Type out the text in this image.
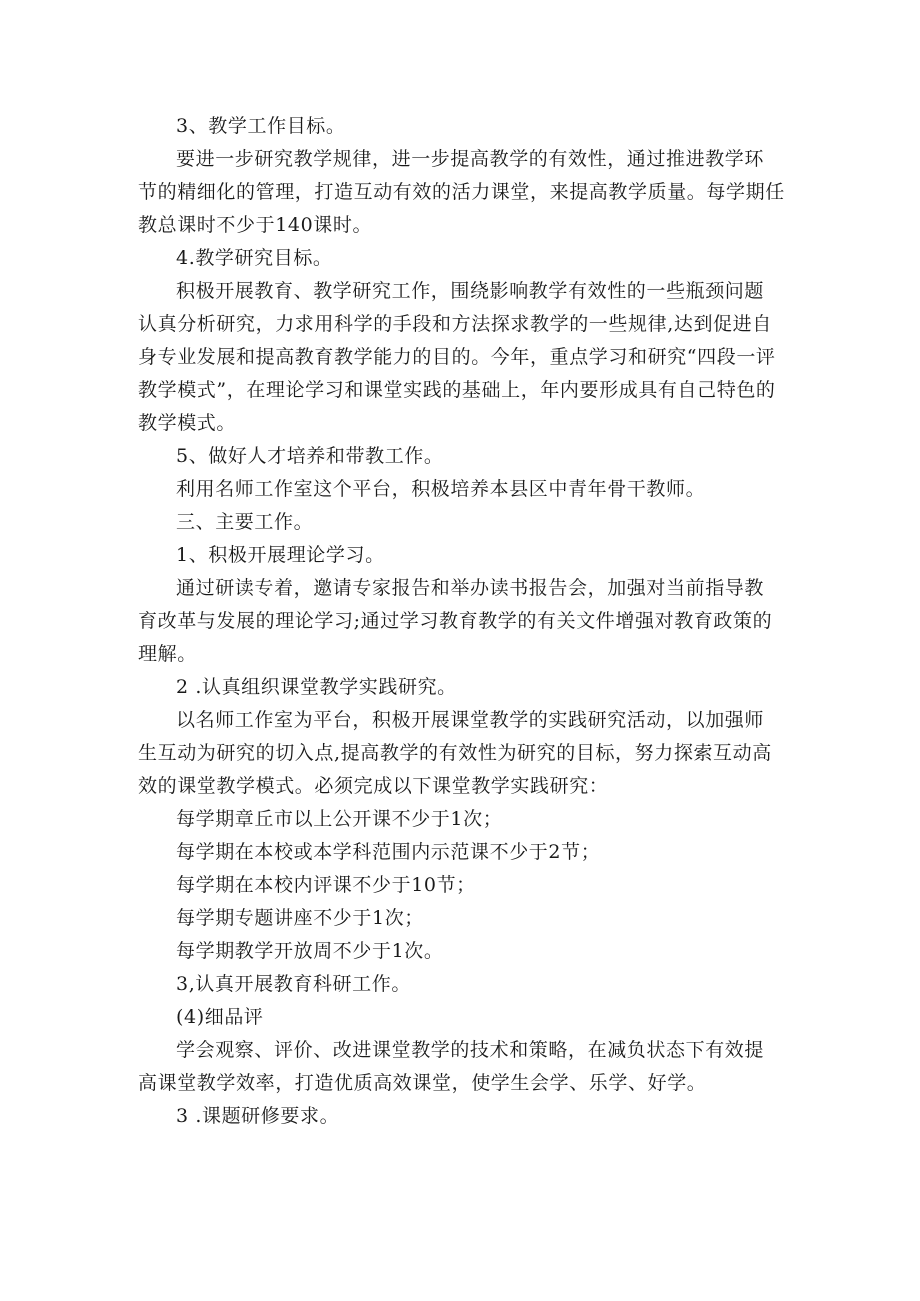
3、教学工作目标。
要进一步研究教学规律，进一步提高教学的有效性，通过推进教学环
节的精细化的管理，打造互动有效的活力课堂，来提高教学质量。每学期任
教总课时不少于140课时。
4.教学研究目标。
积极开展教育、教学研究工作，围绕影响教学有效性的一些瓶颈问题
认真分析研究，力求用科学的手段和方法探求教学的一些规律,达到促进自
身专业发展和提高教育教学能力的目的。今年，重点学习和研究“四段一评
教学模式”，在理论学习和课堂实践的基础上，年内要形成具有自己特色的
教学模式。
5、做好人才培养和带教工作。
利用名师工作室这个平台，积极培养本县区中青年骨干教师。
三、主要工作。
1、积极开展理论学习。
通过研读专着，邀请专家报告和举办读书报告会，加强对当前指导教
育改革与发展的理论学习;通过学习教育教学的有关文件增强对教育政策的
理解。
2 .认真组织课堂教学实践研究。
以名师工作室为平台，积极开展课堂教学的实践研究活动，以加强师
生互动为研究的切入点,提高教学的有效性为研究的目标，努力探索互动高
效的课堂教学模式。必须完成以下课堂教学实践研究：
每学期章丘市以上公开课不少于1次；
每学期在本校或本学科范围内示范课不少于2节；
每学期在本校内评课不少于10节；
每学期专题讲座不少于1次；
每学期教学开放周不少于1次。
3,认真开展教育科研工作。
(4)细品评
学会观察、评价、改进课堂教学的技术和策略，在减负状态下有效提
高课堂教学效率，打造优质高效课堂，使学生会学、乐学、好学。
3 .课题研修要求。
